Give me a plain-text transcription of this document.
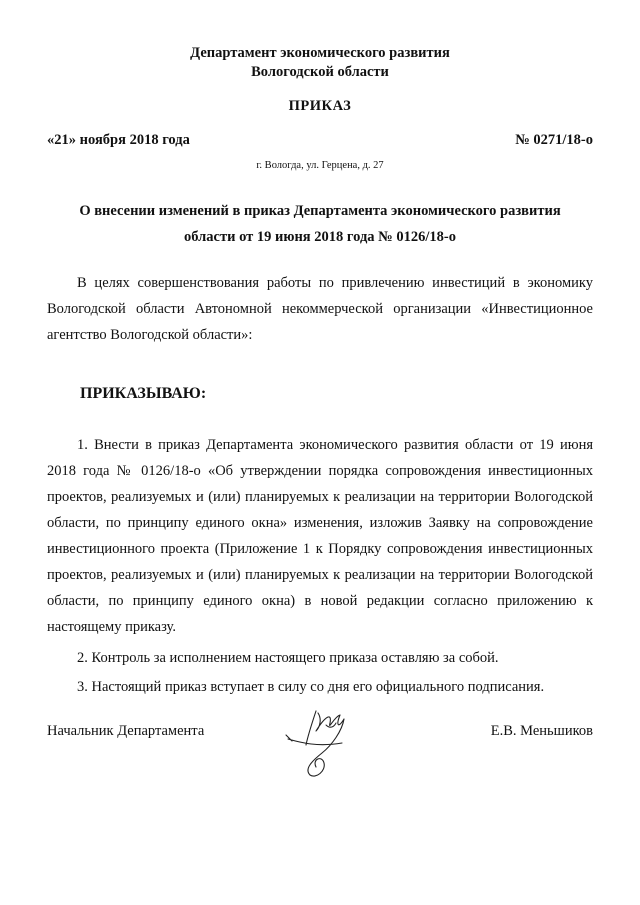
Департамент экономического развития
Вологодской области
ПРИКАЗ
«21» ноября 2018 года	№ 0271/18-о
г. Вологда, ул. Герцена, д. 27
О внесении изменений в приказ Департамента экономического развития
области от 19 июня 2018 года № 0126/18-о
В целях совершенствования работы по привлечению инвестиций в экономику Вологодской области Автономной некоммерческой организации «Инвестиционное агентство Вологодской области»:
ПРИКАЗЫВАЮ:
1. Внести в приказ Департамента экономического развития области от 19 июня 2018 года № 0126/18-о «Об утверждении порядка сопровождения инвестиционных проектов, реализуемых и (или) планируемых к реализации на территории Вологодской области, по принципу единого окна» изменения, изложив Заявку на сопровождение инвестиционного проекта (Приложение 1 к Порядку сопровождения инвестиционных проектов, реализуемых и (или) планируемых к реализации на территории Вологодской области, по принципу единого окна) в новой редакции согласно приложению к настоящему приказу.
2. Контроль за исполнением настоящего приказа оставляю за собой.
3. Настоящий приказ вступает в силу со дня его официального подписания.
Начальник Департамента	Е.В. Меньшиков
